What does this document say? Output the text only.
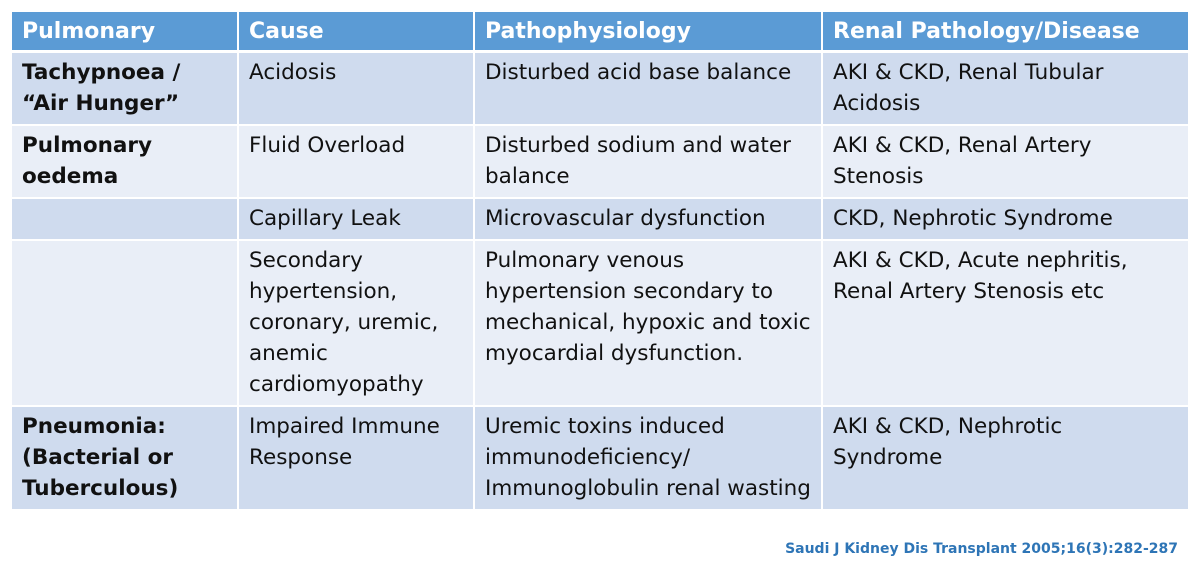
Pulmonary	Cause	Pathophysiology	Renal Pathology/Disease
Tachypnoea / “Air Hunger”	Acidosis	Disturbed acid base balance	AKI & CKD, Renal Tubular Acidosis
Pulmonary oedema	Fluid Overload	Disturbed sodium and water balance	AKI & CKD, Renal Artery Stenosis
	Capillary Leak	Microvascular dysfunction	CKD, Nephrotic Syndrome
	Secondary hypertension, coronary, uremic, anemic cardiomyopathy	Pulmonary venous hypertension secondary to mechanical, hypoxic and toxic myocardial dysfunction.	AKI & CKD, Acute nephritis, Renal Artery Stenosis etc
Pneumonia: (Bacterial or Tuberculous)	Impaired Immune Response	Uremic toxins induced immunodeficiency/ Immunoglobulin renal wasting	AKI & CKD, Nephrotic Syndrome
Saudi J Kidney Dis Transplant 2005;16(3):282-287
